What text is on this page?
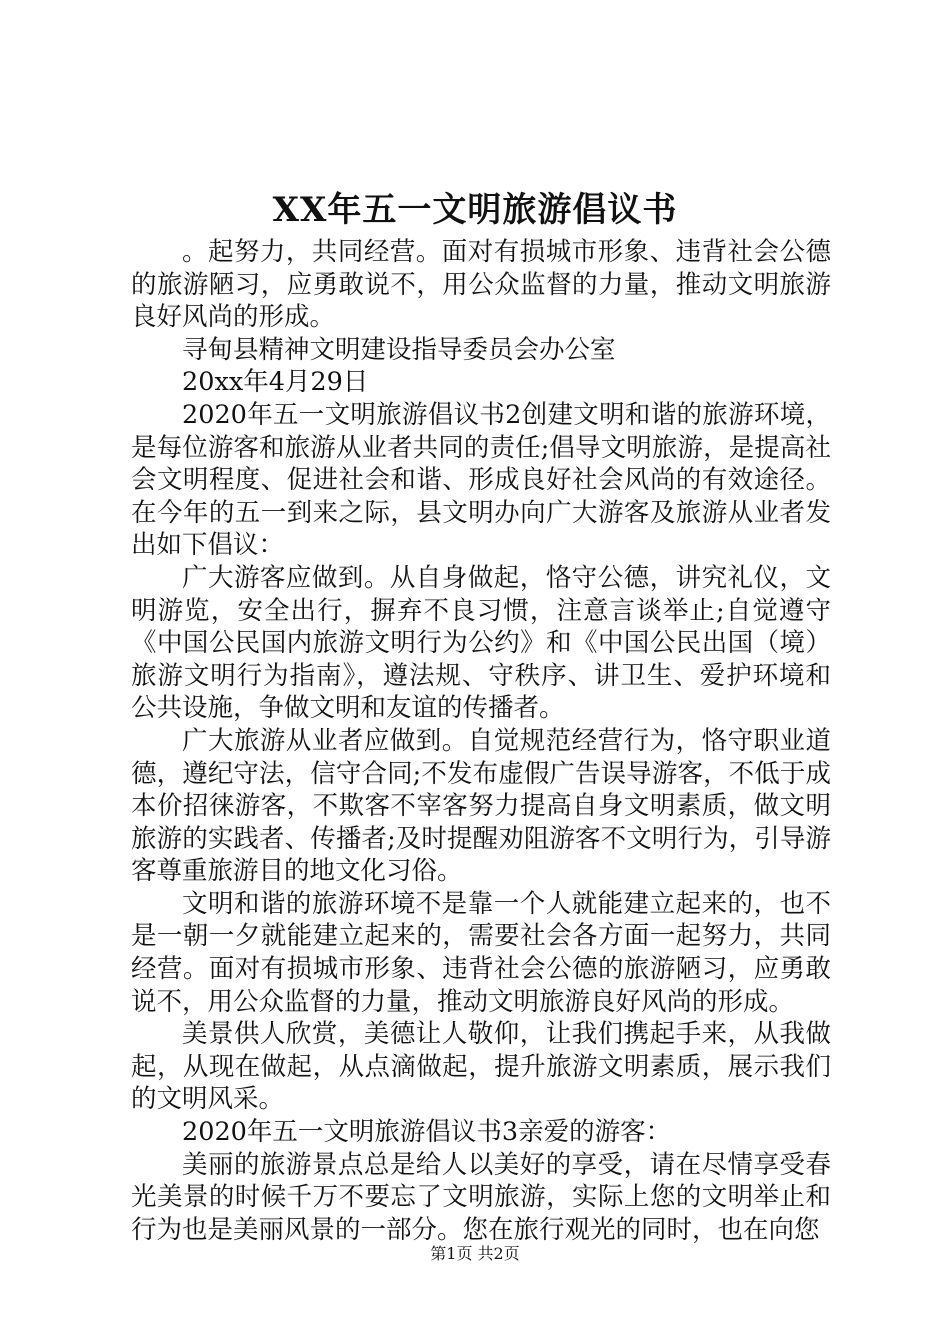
XX年五一文明旅游倡议书

。起努力，共同经营。面对有损城市形象、违背社会公德的旅游陋习，应勇敢说不，用公众监督的力量，推动文明旅游良好风尚的形成。

寻甸县精神文明建设指导委员会办公室

20xx年4月29日

2020年五一文明旅游倡议书2创建文明和谐的旅游环境，是每位游客和旅游从业者共同的责任;倡导文明旅游，是提高社会文明程度、促进社会和谐、形成良好社会风尚的有效途径。在今年的五一到来之际，县文明办向广大游客及旅游从业者发出如下倡议：

广大游客应做到。从自身做起，恪守公德，讲究礼仪，文明游览，安全出行，摒弃不良习惯，注意言谈举止;自觉遵守《中国公民国内旅游文明行为公约》和《中国公民出国（境）旅游文明行为指南》，遵法规、守秩序、讲卫生、爱护环境和公共设施，争做文明和友谊的传播者。

广大旅游从业者应做到。自觉规范经营行为，恪守职业道德，遵纪守法，信守合同;不发布虚假广告误导游客，不低于成本价招徕游客，不欺客不宰客努力提高自身文明素质，做文明旅游的实践者、传播者;及时提醒劝阻游客不文明行为，引导游客尊重旅游目的地文化习俗。

文明和谐的旅游环境不是靠一个人就能建立起来的，也不是一朝一夕就能建立起来的，需要社会各方面一起努力，共同经营。面对有损城市形象、违背社会公德的旅游陋习，应勇敢说不，用公众监督的力量，推动文明旅游良好风尚的形成。

美景供人欣赏，美德让人敬仰，让我们携起手来，从我做起，从现在做起，从点滴做起，提升旅游文明素质，展示我们的文明风采。

2020年五一文明旅游倡议书3亲爱的游客：

美丽的旅游景点总是给人以美好的享受，请在尽情享受春光美景的时候千万不要忘了文明旅游，实际上您的文明举止和行为也是美丽风景的一部分。您在旅行观光的同时，也在向您

第1页 共2页
